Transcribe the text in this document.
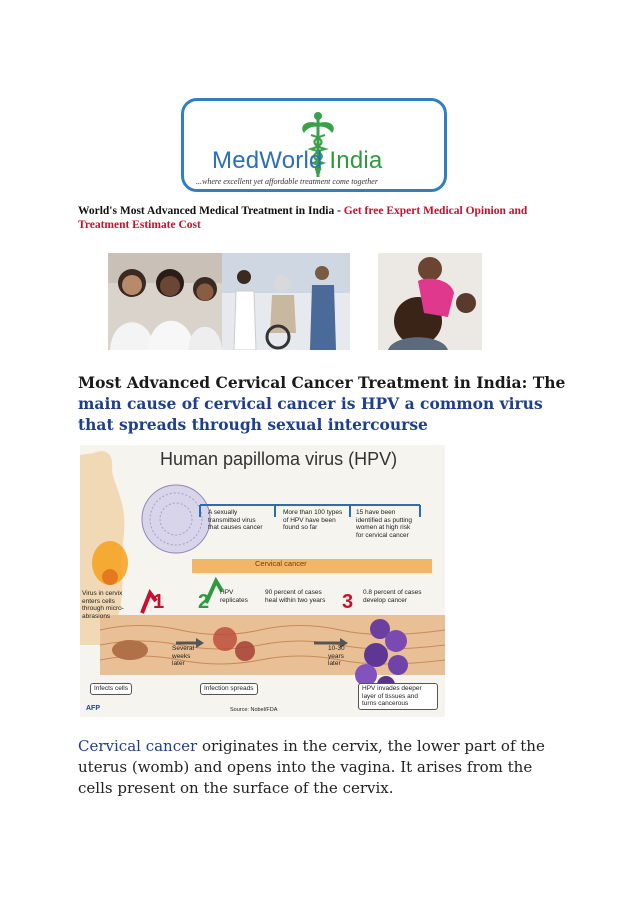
MedWorld India
...where excellent yet affordable treatment come together
World's Most Advanced Medical Treatment in India - Get free Expert Medical Opinion and Treatment Estimate Cost
Most Advanced Cervical Cancer Treatment in India: The main cause of cervical cancer is HPV a common virus that spreads through sexual intercourse
Human papilloma virus (HPV)
Cervical cancer
A sexually transmitted virus that causes cancer
More than 100 types of HPV have been found so far
15 have been identified as putting women at high risk for cervical cancer
Virus in cervix enters cells through micro-abrasions
1 2	3
HPV replicates
90 percent of cases heal within two years
0.8 percent of cases develop cancer
Several weeks later
10-30 years later
Infects cells	Infection spreads	HPV invades deeper layer of tissues and turns cancerous
AFP	Source: Nobel/FDA
Cervical cancer originates in the cervix, the lower part of the uterus (womb) and opens into the vagina. It arises from the cells present on the surface of the cervix.
